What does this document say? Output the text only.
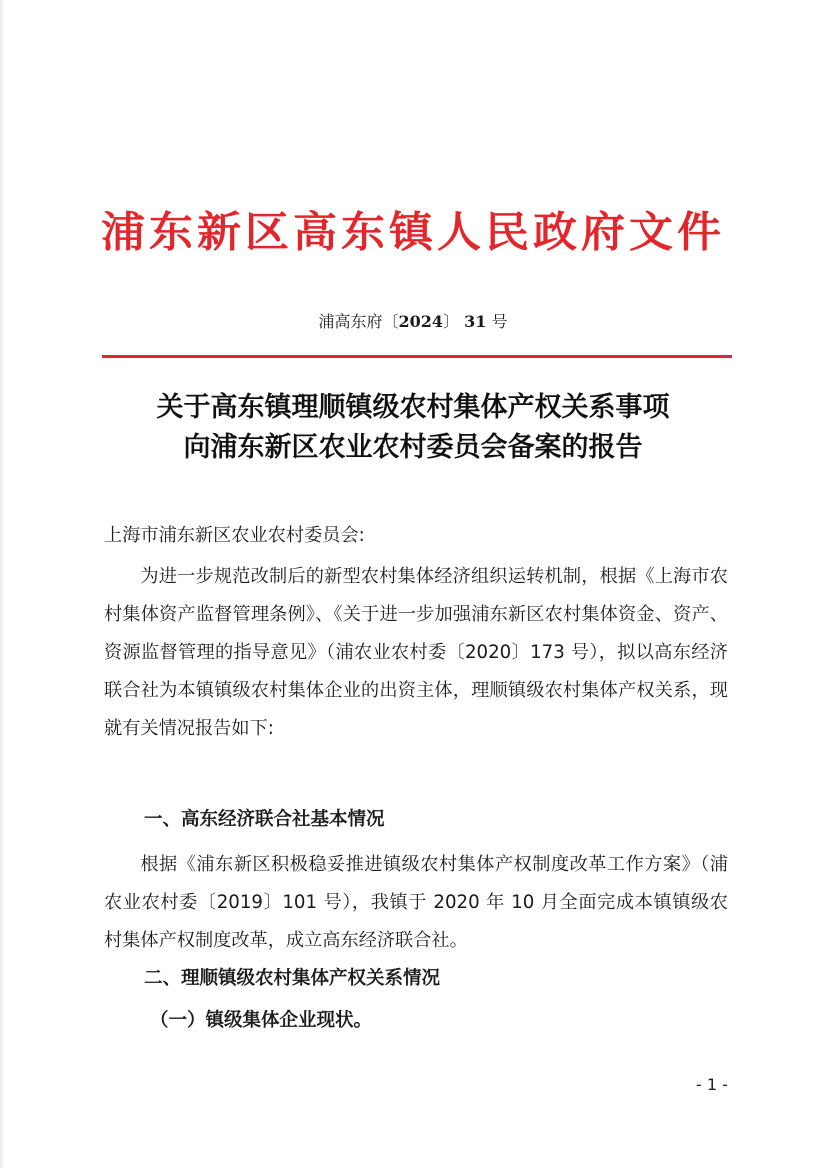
浦东新区高东镇人民政府文件
浦高东府〔2024〕 31 号
关于高东镇理顺镇级农村集体产权关系事项
向浦东新区农业农村委员会备案的报告
上海市浦东新区农业农村委员会:

为进一步规范改制后的新型农村集体经济组织运转机制，根据《上海市农村集体资产监督管理条例》、《关于进一步加强浦东新区农村集体资金、资产、资源监督管理的指导意见》（浦农业农村委〔2020〕173 号），拟以高东经济联合社为本镇镇级农村集体企业的出资主体，理顺镇级农村集体产权关系，现就有关情况报告如下:

一、高东经济联合社基本情况

根据《浦东新区积极稳妥推进镇级农村集体产权制度改革工作方案》（浦农业农村委〔2019〕101 号），我镇于 2020 年 10 月全面完成本镇镇级农村集体产权制度改革，成立高东经济联合社。

二、理顺镇级农村集体产权关系情况
（一）镇级集体企业现状。
- 1 -
